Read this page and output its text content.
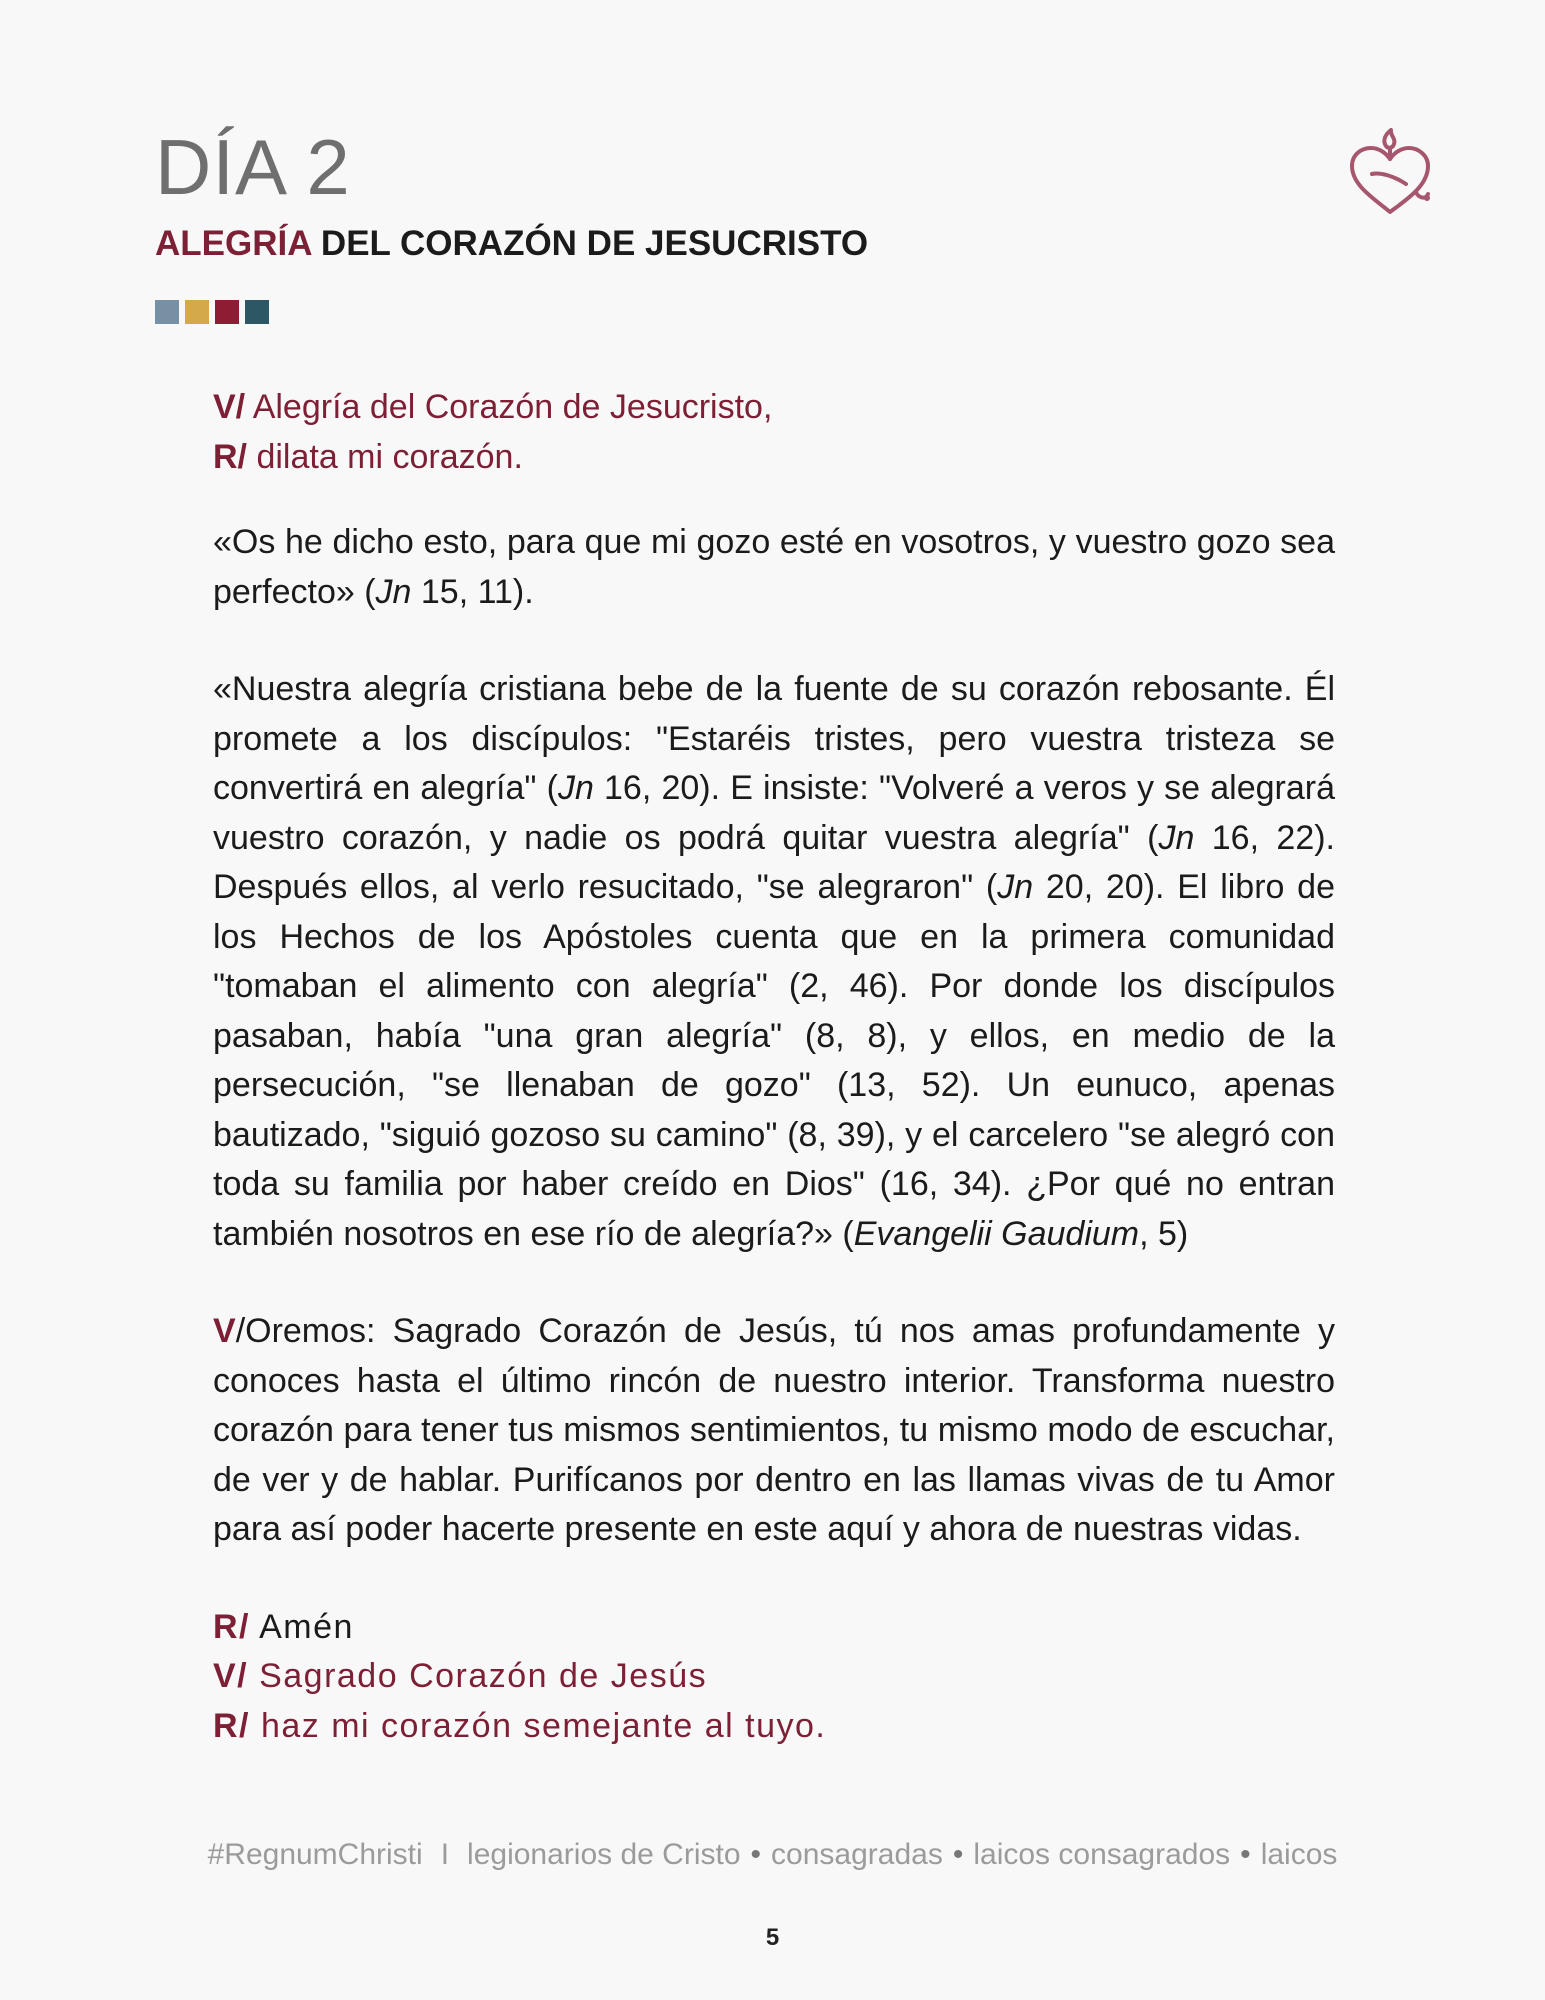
DÍA 2
ALEGRÍA DEL CORAZÓN DE JESUCRISTO

V/ Alegría del Corazón de Jesucristo,

R/ dilata mi corazón.

«Os he dicho esto, para que mi gozo esté en vosotros, y vuestro gozo sea perfecto» (Jn 15, 11).

«Nuestra alegría cristiana bebe de la fuente de su corazón rebosante. Él promete a los discípulos: "Estaréis tristes, pero vuestra tristeza se convertirá en alegría" (Jn 16, 20). E insiste: "Volveré a veros y se alegrará vuestro corazón, y nadie os podrá quitar vuestra alegría" (Jn 16, 22). Después ellos, al verlo resucitado, "se alegraron" (Jn 20, 20). El libro de los Hechos de los Apóstoles cuenta que en la primera comunidad "tomaban el alimento con alegría" (2, 46). Por donde los discípulos pasaban, había "una gran alegría" (8, 8), y ellos, en medio de la persecución, "se llenaban de gozo" (13, 52). Un eunuco, apenas bautizado, "siguió gozoso su camino" (8, 39), y el carcelero "se alegró con toda su familia por haber creído en Dios" (16, 34). ¿Por qué no entran también nosotros en ese río de alegría?» (Evangelii Gaudium, 5)

V/Oremos: Sagrado Corazón de Jesús, tú nos amas profundamente y conoces hasta el último rincón de nuestro interior. Transforma nuestro corazón para tener tus mismos sentimientos, tu mismo modo de escuchar, de ver y de hablar. Purifícanos por dentro en las llamas vivas de tu Amor para así poder hacerte presente en este aquí y ahora de nuestras vidas.

R/ Amén

V/ Sagrado Corazón de Jesús

R/ haz mi corazón semejante al tuyo.

#RegnumChristi I legionarios de Cristo • consagradas • laicos consagrados • laicos
5
